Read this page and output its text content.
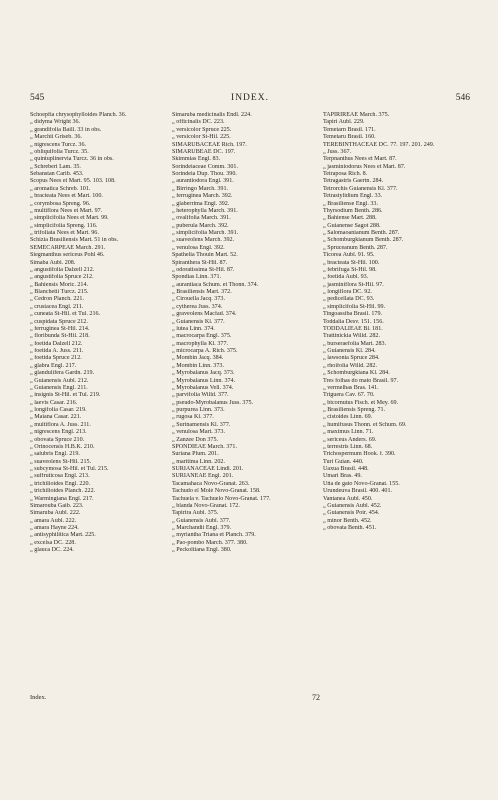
545	INDEX.	546
Schoepfia chrysophylloides Planch. 36.
„ didyma Wright 36.
„ grandifolia Baill. 33 in obs.
„ Marchii Griseb. 36.
„ nigrescens Turcz. 36.
„ obliquifolia Turcz. 35.
„ quintuplinervia Turcz. 36 in obs.
„ Schreberi Lam. 35.
Sebanstan Carib. 453.
Scopus Nees et Mart. 95. 103. 108.
„ aromatica Schreb. 101.
„ bracteata Nees et Mart. 100.
„ corymbosa Spreng. 96.
„ multiflora Nees et Mart. 97.
„ simplicifolia Nees et Mart. 99.
„ simplicifolia Spreng. 116.
„ trifoliata Nees et Mart. 96.
Schizia Brasiliensis Mart. 51 in obs.
SEMECARPEAE March. 291.
Siegmanthus sericeus Pohl 46.
Simaba Aubl. 208.
„ angustifolia Dalzell 212.
„ angustifolia Spruce 212.
„ Bahiensis Moric. 214.
„ Blanchetii Turcz. 215.
„ Cedron Planch. 221.
„ crustacea Engl. 211.
„ cuneata St-Hil. et Tul. 216.
„ cuspidata Spruce 212.
„ ferruginea St-Hil. 214.
„ floribunda St-Hil. 218.
„ foetida Dalzell 212.
„ foetida A. Juss. 211.
„ foetida Spruce 212.
„ glabra Engl. 217.
„ glandulifera Gardn. 219.
„ Guianensis Aubl. 212.
„ Guianensis Engl. 211.
„ insignis St-Hil. et Tul. 219.
„ laevis Casar. 216.
„ longifolia Casar. 219.
„ Maiana Casar. 221.
„ multiflora A. Juss. 211.
„ nigrescens Engl. 213.
„ obovata Spruce 210.
„ Orinocensis H.B.K. 210.
„ salubris Engl. 219.
„ suaveolens St-Hil. 215.
„ subcymosa St-Hil. et Tul. 215.
„ suffruticosa Engl. 213.
„ trichilioides Engl. 220.
„ trichilioides Planch. 222.
„ Warmingiana Engl. 217.
Simarouba Gaib. 223.
Simaruba Aubl. 222.
„ amara Aubl. 222.
„ amara Hayne 224.
„ antisyphilitica Mart. 225.
„ excelsa DC. 228.
„ glauca DC. 224.
Simaruba medicinalis Endl. 224.
„ officinalis DC. 223.
„ versicolor Spruce 225.
„ versicolor St-Hil. 225.
SIMARUBACEAE Rich. 197.
SIMARUBEAE DC. 197.
Skimmias Engl. 83.
Sorindeiaceae Comm. 301.
Sorindeia Dup. Thou. 390.
„ aurantiodora Engl. 391.
„ Birringo March. 391.
„ ferruginea March. 392.
„ glaberrima Engl. 392.
„ heterophylla March. 391.
„ ovalifolia March. 391.
„ puberula March. 392.
„ simplicifolia March. 391.
„ suaveolens March. 392.
„ venulosa Engl. 392.
Spathelia Thouin Mart. 52.
Spiranthera St-Hil. 87.
„ odoratissima St-Hil. 87.
Spondias Linn. 371.
„ aurantiaca Schum. et Thonn. 374.
„ Brasiliensis Mart. 372.
„ Cirouella Jacq. 373.
„ cytherea Juss. 374.
„ graveolens Macfad. 374.
„ Guianensis Kl. 377.
„ lutea Linn. 374.
„ macrocarpa Engl. 375.
„ macrophylla Kl. 377.
„ microcarpa A. Rich. 375.
„ Mombin Jacq. 384.
„ Mombin Linn. 373.
„ Myrobalanus Jacq. 373.
„ Myrobalanus Linn. 374.
„ Myrobalanus Vell. 374.
„ parvifolia Willd. 377.
„ pseudo-Myrobalanus Juss. 375.
„ purpurea Linn. 373.
„ rugosa Kl. 377.
„ Surinamensis Kl. 377.
„ venulosa Mart. 373.
„ Zanzee Don 375.
SPONDIEAE March. 371.
Suriana Plum. 201.
„ maritima Linn. 202.
SURIANACEAE Lindl. 201.
SURIANEAE Engl. 201.
Tacamahaca Novo-Granat. 263.
Tachudo el Molé Novo-Granat. 158.
Tachuela v. Tachuelo Novo-Granat. 177.
„ blanda Novo-Granat. 172.
Tapirira Aubl. 375.
„ Guianensis Aubl. 377.
„ Marchandii Engl. 379.
„ myriantha Triana et Planch. 379.
„ Pao-pombo March. 377. 380.
„ Peckoltiana Engl. 380.
TAPIRIREAE March. 375.
Tapiri Aubl. 229.
Temetarn Brasil. 171.
Temetaru Brasil. 160.
TEREBINTHACEAE DC. 77. 197. 201. 249.
„ Juss. 367.
Terpnanthus Nees et Mart. 87.
„ jasminiodorus Nees et Mart. 87.
Tetraposa Rich. 8.
Tetragastris Gaertn. 284.
Tetrorchis Guianensis Kl. 377.
Tetrastylidium Engl. 33.
„ Brasiliense Engl. 33.
Thyrsodium Benth. 286.
„ Bahiense Mart. 288.
„ Guianense Sagot 288.
„ Salomaoanianum Benth. 287.
„ Schomburgkianum Benth. 287.
„ Spruceanum Benth. 287.
Ticorea Aubl. 91. 95.
„ bracteata St-Hil. 100.
„ febrifuga St-Hil. 98.
„ foetida Aubl. 93.
„ jasminiflora St-Hil. 97.
„ longiflora DC. 92.
„ pedicellata DC. 93.
„ simplicifolia St-Hil. 99.
Tingoassiba Brasil. 179.
Toddalia Desv. 151. 156.
TODDALIEAE Bl. 181.
Trattinickia Willd. 282.
„ burseraefolia Mart. 283.
„ Guianensis Kl. 284.
„ lawsonia Spruce 284.
„ rhoifolia Willd. 282.
„ Schomburgkiana Kl. 284.
Tres folhas do mato Brasil. 97.
„ vermelhas Bras. 141.
Triguera Cav. 67. 70.
„ bicornutus Fisch. et Mey. 69.
„ Brasiliensis Spreng. 71.
„ cistoides Linn. 69.
„ humifusus Thonn. et Schum. 69.
„ maximus Linn. 71.
„ sericeus Anders. 69.
„ terrestris Linn. 68.
Trichospermum Hook. f. 390.
Turi Guian. 440.
Uaxua Brasil. 448.
Umari Bras. 49.
Uña de gato Novo-Granat. 155.
Urundeuva Brasil. 400. 401.
Vantanea Aubl. 450.
„ Guianensis Aubl. 452.
„ Guianensis Poir. 454.
„ minor Benth. 452.
„ obovata Benth. 451.
Index.	72
